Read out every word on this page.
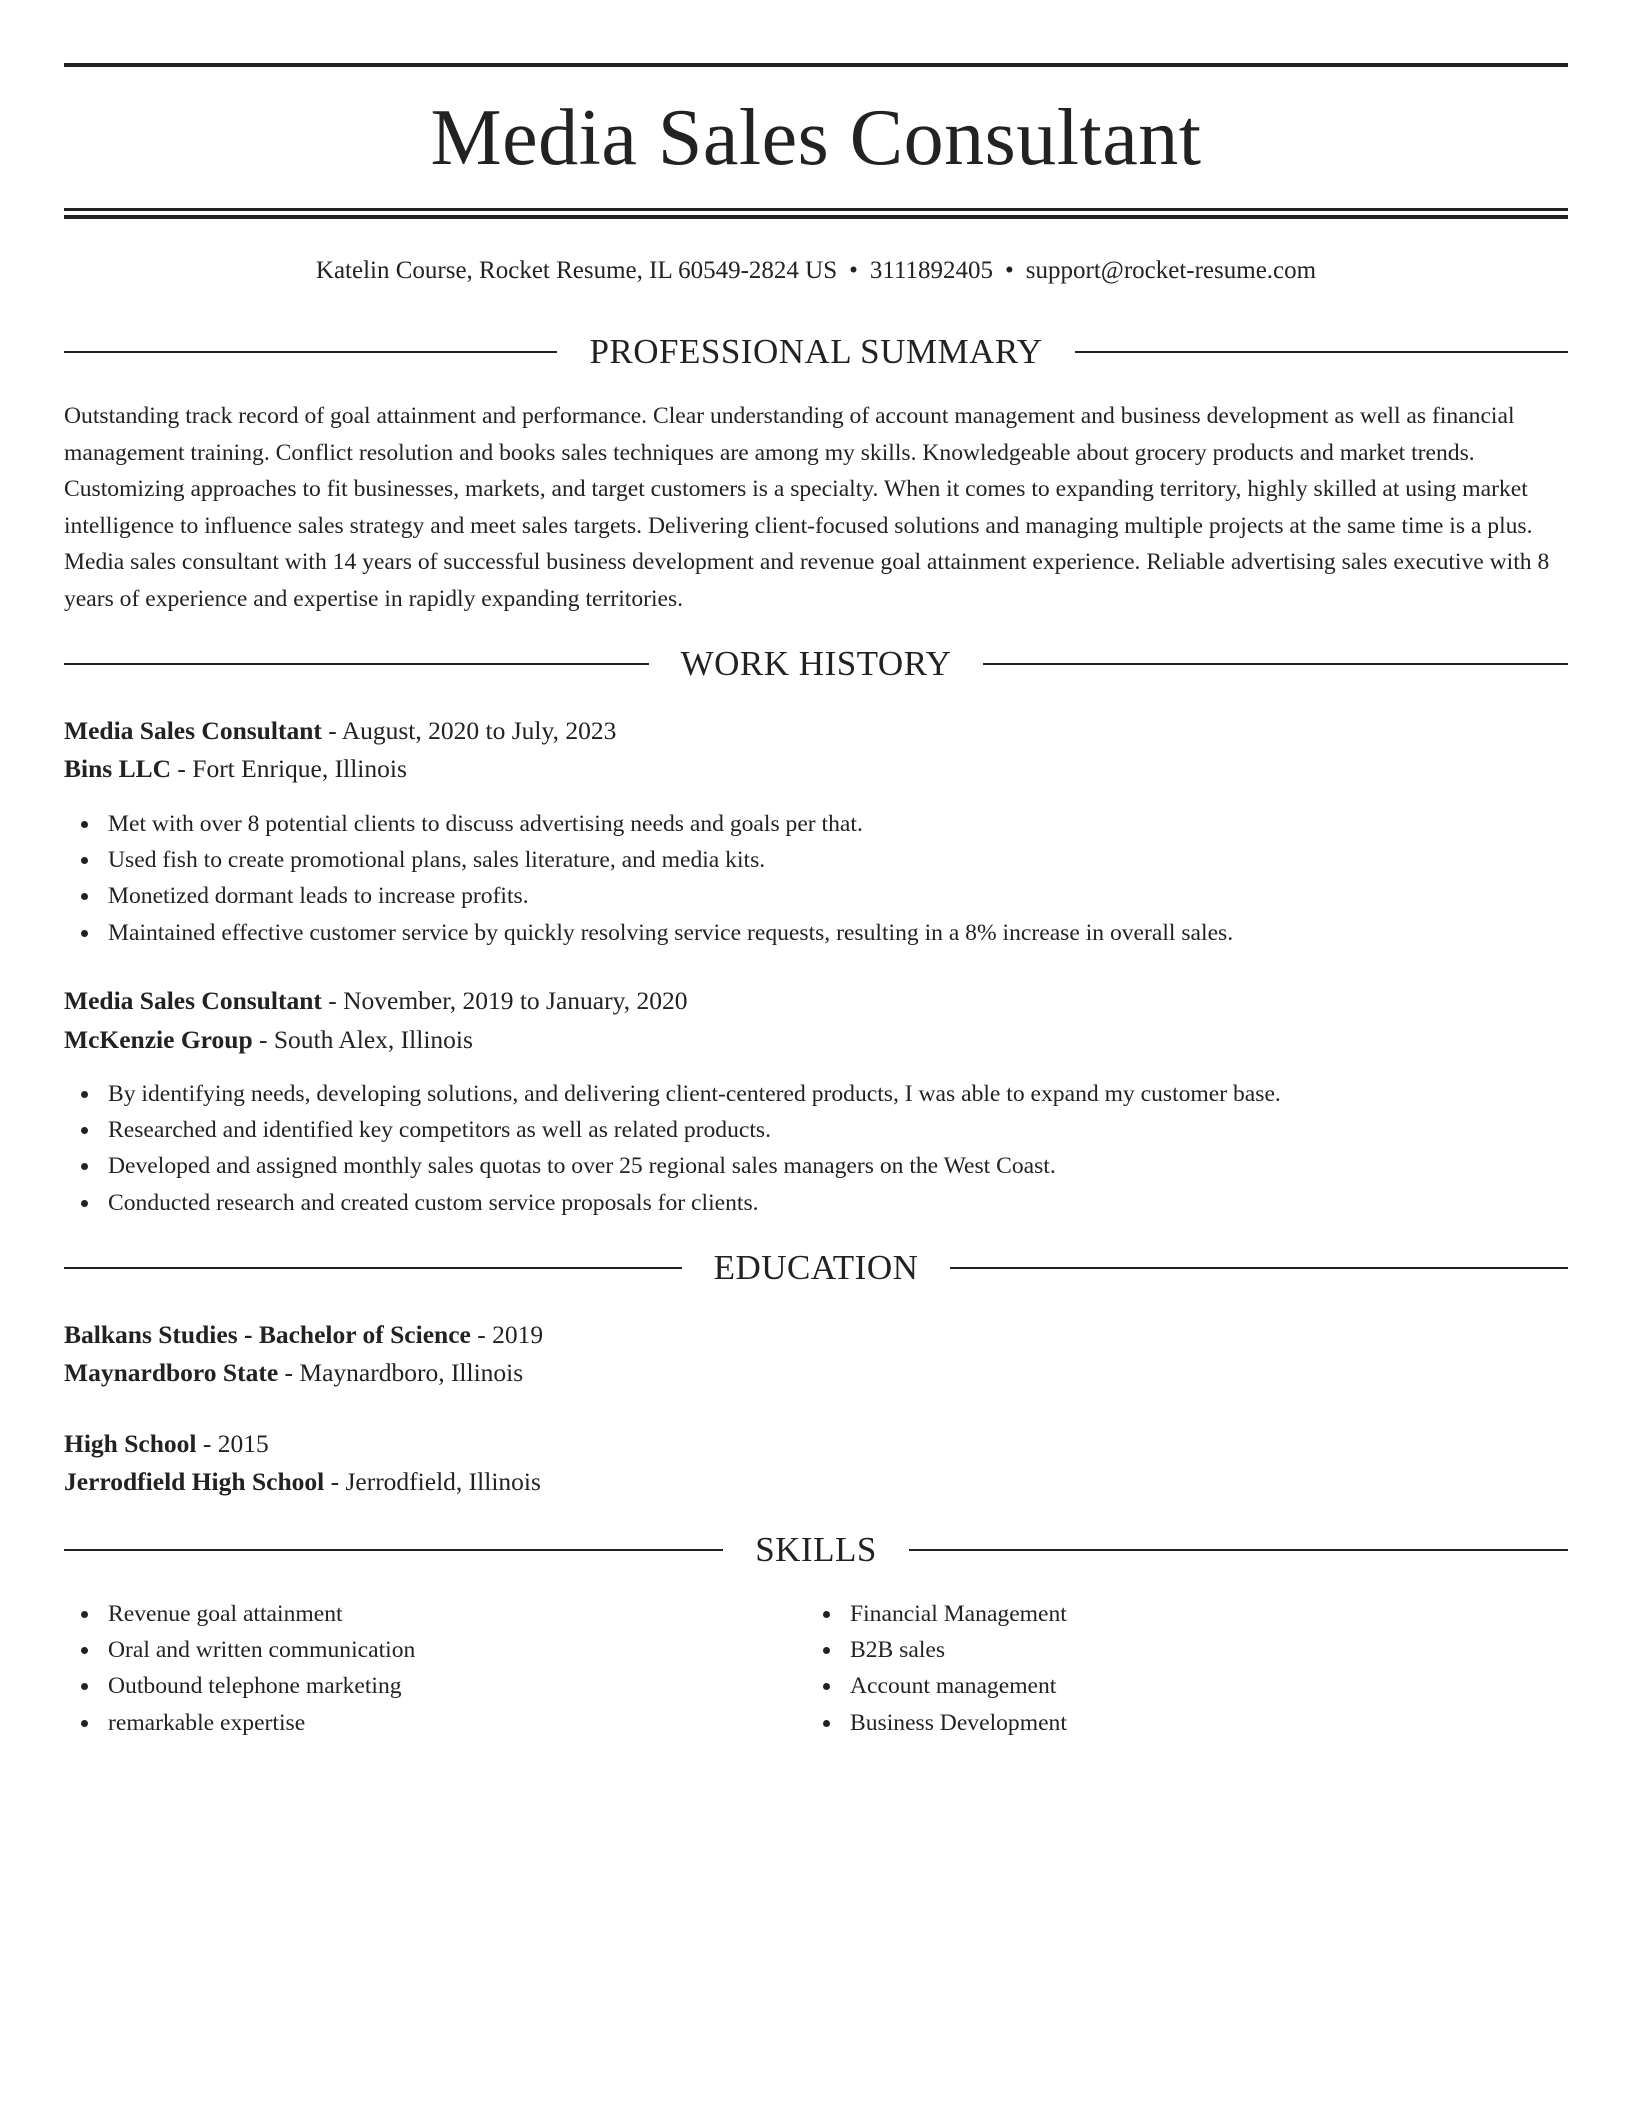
Media Sales Consultant
Katelin Course, Rocket Resume, IL 60549-2824 US • 3111892405 • support@rocket-resume.com
PROFESSIONAL SUMMARY

Outstanding track record of goal attainment and performance. Clear understanding of account management and business development as well as financial management training. Conflict resolution and books sales techniques are among my skills. Knowledgeable about grocery products and market trends. Customizing approaches to fit businesses, markets, and target customers is a specialty. When it comes to expanding territory, highly skilled at using market intelligence to influence sales strategy and meet sales targets. Delivering client-focused solutions and managing multiple projects at the same time is a plus. Media sales consultant with 14 years of successful business development and revenue goal attainment experience. Reliable advertising sales executive with 8 years of experience and expertise in rapidly expanding territories.

WORK HISTORY
Media Sales Consultant - August, 2020 to July, 2023
Bins LLC - Fort Enrique, Illinois
Met with over 8 potential clients to discuss advertising needs and goals per that.
Used fish to create promotional plans, sales literature, and media kits.
Monetized dormant leads to increase profits.
Maintained effective customer service by quickly resolving service requests, resulting in a 8% increase in overall sales.
Media Sales Consultant - November, 2019 to January, 2020
McKenzie Group - South Alex, Illinois
By identifying needs, developing solutions, and delivering client-centered products, I was able to expand my customer base.
Researched and identified key competitors as well as related products.
Developed and assigned monthly sales quotas to over 25 regional sales managers on the West Coast.
Conducted research and created custom service proposals for clients.
EDUCATION
Balkans Studies - Bachelor of Science - 2019
Maynardboro State - Maynardboro, Illinois
High School - 2015
Jerrodfield High School - Jerrodfield, Illinois
SKILLS
Revenue goal attainment
Oral and written communication
Outbound telephone marketing
remarkable expertise
Financial Management
B2B sales
Account management
Business Development
